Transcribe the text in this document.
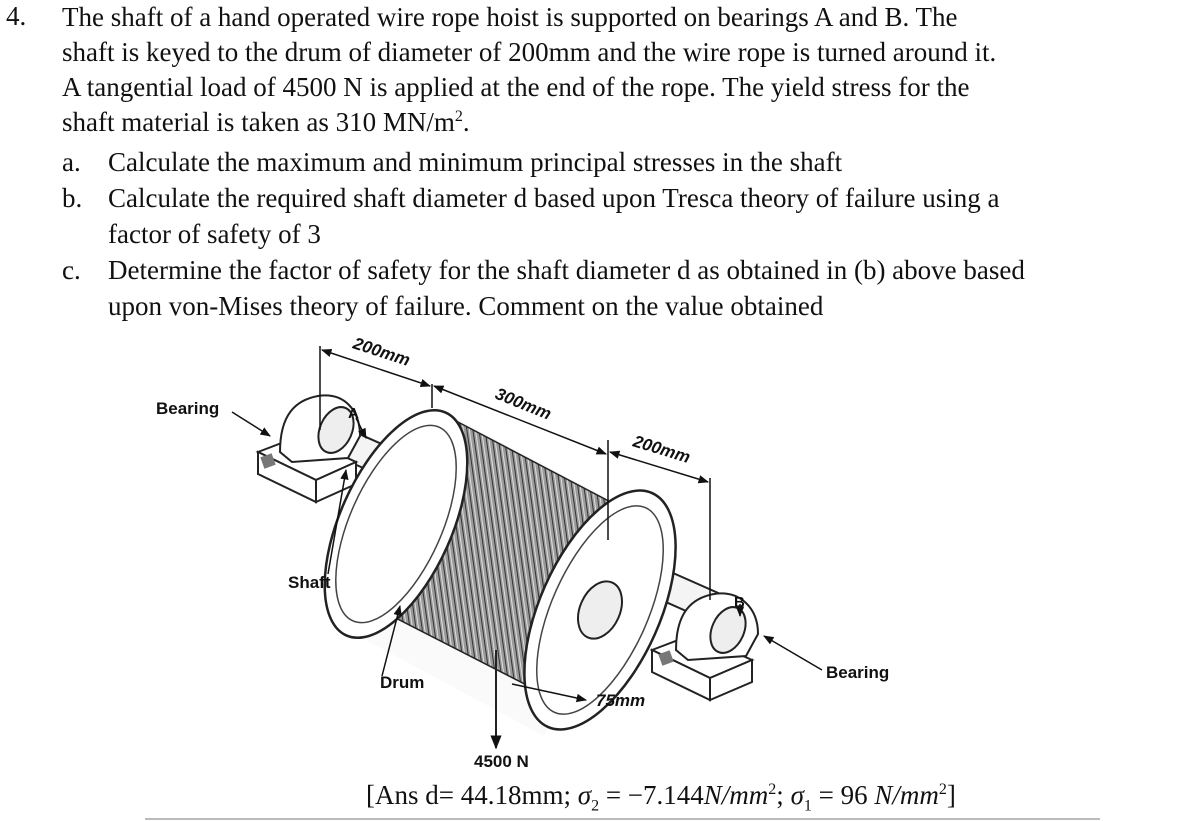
4. The shaft of a hand operated wire rope hoist is supported on bearings A and B. The
shaft is keyed to the drum of diameter of 200mm and the wire rope is turned around it.
A tangential load of 4500 N is applied at the end of the rope. The yield stress for the
shaft material is taken as 310 $MN/m^2$.
a. Calculate the maximum and minimum principal stresses in the shaft
b. Calculate the required shaft diameter d based upon Tresca theory of failure using a
factor of safety of 3
c. Determine the factor of safety for the shaft diameter d as obtained in (b) above based
upon von-Mises theory of failure. Comment on the value obtained
Bearing	A
Shaft
Drum
B
Bearing
4500 N
200mm
300mm
200mm
75mm
[Ans d= 44.18mm; $\sigma_2 = -7.144N/mm^2$; $\sigma_1 = 96$ $N/mm^2$]
